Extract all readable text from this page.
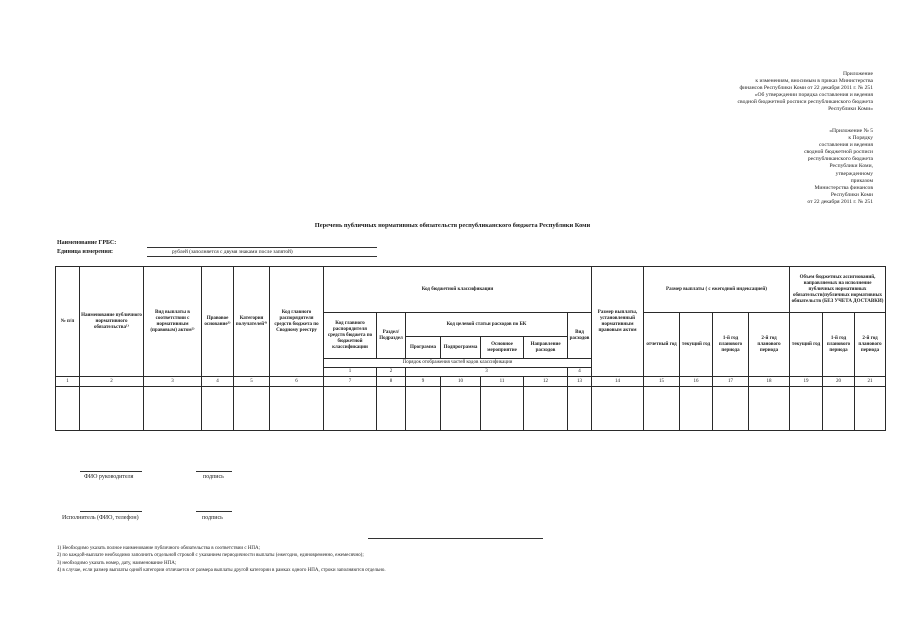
Приложение
к изменениям, вносимым в приказ Министерства
финансов Республики Коми от 22 декабря 2011 г. № 251
«Об утверждении порядка составления и ведения
сводной бюджетной росписи республиканского бюджета
Республики Коми»
«Приложение № 5
к Порядку
составления и ведения
сводной бюджетной росписи
республиканского бюджета
Республики Коми,
утвержденному
приказом
Министерства финансов
Республики Коми
от 22 декабря 2011 г. № 251
Перечень публичных нормативных обязательств республиканского бюджета Республики Коми
Наименование ГРБС:
Единица измерения:	рублей (заполняется с двумя знаками после запятой)
№ п/п	Наименование публичного нормативного обязательства¹⁾	Вид выплаты в соответствии с нормативным (правовым) актом²⁾	Правовое основание³⁾	Категория получателей⁴⁾	Код главного распорядителя средств бюджета по Сводному реестру	Код бюджетной классификации							Размер выплаты, установленный нормативным правовым актом	Размер выплаты ( с ежегодной индексацией)				Объем бюджетных ассигнований, направляемых на исполнение публичных нормативных обязательств(публичных нормативных обязательств (БЕЗ УЧЕТА ДОСТАВКИ)		
						Код главного распорядителя средств бюджета по бюджетной классификации	Раздел/ Подраздел	Код целевой статьи расходов по БК				Вид расходов		отчетный год	текущий год	1-й год планового периода	2-й год планового периода	текущий год	1-й год планового периода	2-й год планового периода
								Программа	Подпрограмма	Основное мероприятие	Направление расходов									
						Порядок отображения частей кодов классификации														
						1	2	3				4								
1	2	3	4	5	6	7	8	9	10	11	12	13	14	15	16	17	18	19	20	21

ФИО руководителя	подпись
Исполнитель (ФИО, телефон)	подпись
1) Необходимо указать полное наименование публичного обязательства в соответствии с НПА;
2) по каждой-выплате необходимо заполнить отдельной строкой с указанием периодичности выплаты (ежегодно, единовременно, ежемесячно);
3) необходимо указать номер, дату, наименование НПА;
4) в случае, если размер выплаты одной категории отличается от размера выплаты другой категории в рамках одного НПА, строки заполняются отдельно.
